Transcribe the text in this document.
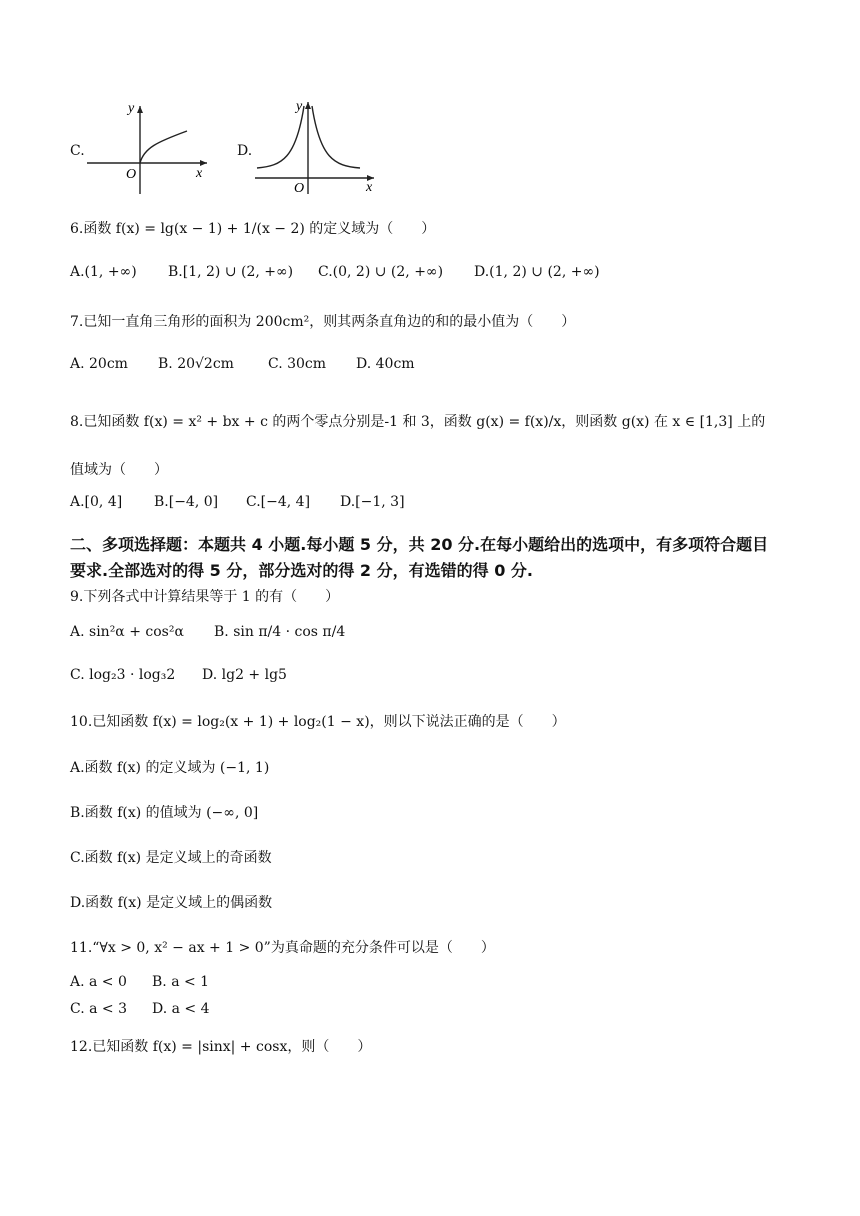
C.
y
x
O
D.
y
x
O
6.函数 f(x) = lg(x − 1) + 1/(x − 2) 的定义域为（　　）
A.(1, +∞) B.[1, 2) ∪ (2, +∞) C.(0, 2) ∪ (2, +∞) D.(1, 2) ∪ (2, +∞)
7.已知一直角三角形的面积为 200cm²，则其两条直角边的和的最小值为（　　）
A. 20cm B. 20√2cm C. 30cm D. 40cm
8.已知函数 f(x) = x² + bx + c 的两个零点分别是-1 和 3，函数 g(x) = f(x)/x，则函数 g(x) 在 x ∈ [1,3] 上的
值域为（　　）
A.[0, 4] B.[−4, 0] C.[−4, 4] D.[−1, 3]
二、多项选择题：本题共 4 小题.每小题 5 分，共 20 分.在每小题给出的选项中，有多项符合题目
要求.全部选对的得 5 分，部分选对的得 2 分，有选错的得 0 分.
9.下列各式中计算结果等于 1 的有（　　）
A. sin²α + cos²α B. sin π/4 · cos π/4
C. log₂3 · log₃2 D. lg2 + lg5
10.已知函数 f(x) = log₂(x + 1) + log₂(1 − x)，则以下说法正确的是（　　）
A.函数 f(x) 的定义域为 (−1, 1)
B.函数 f(x) 的值域为 (−∞, 0]
C.函数 f(x) 是定义域上的奇函数
D.函数 f(x) 是定义域上的偶函数
11.“∀x > 0, x² − ax + 1 > 0”为真命题的充分条件可以是（　　）
A. a < 0 B. a < 1
C. a < 3 D. a < 4
12.已知函数 f(x) = |sinx| + cosx，则（　　）
